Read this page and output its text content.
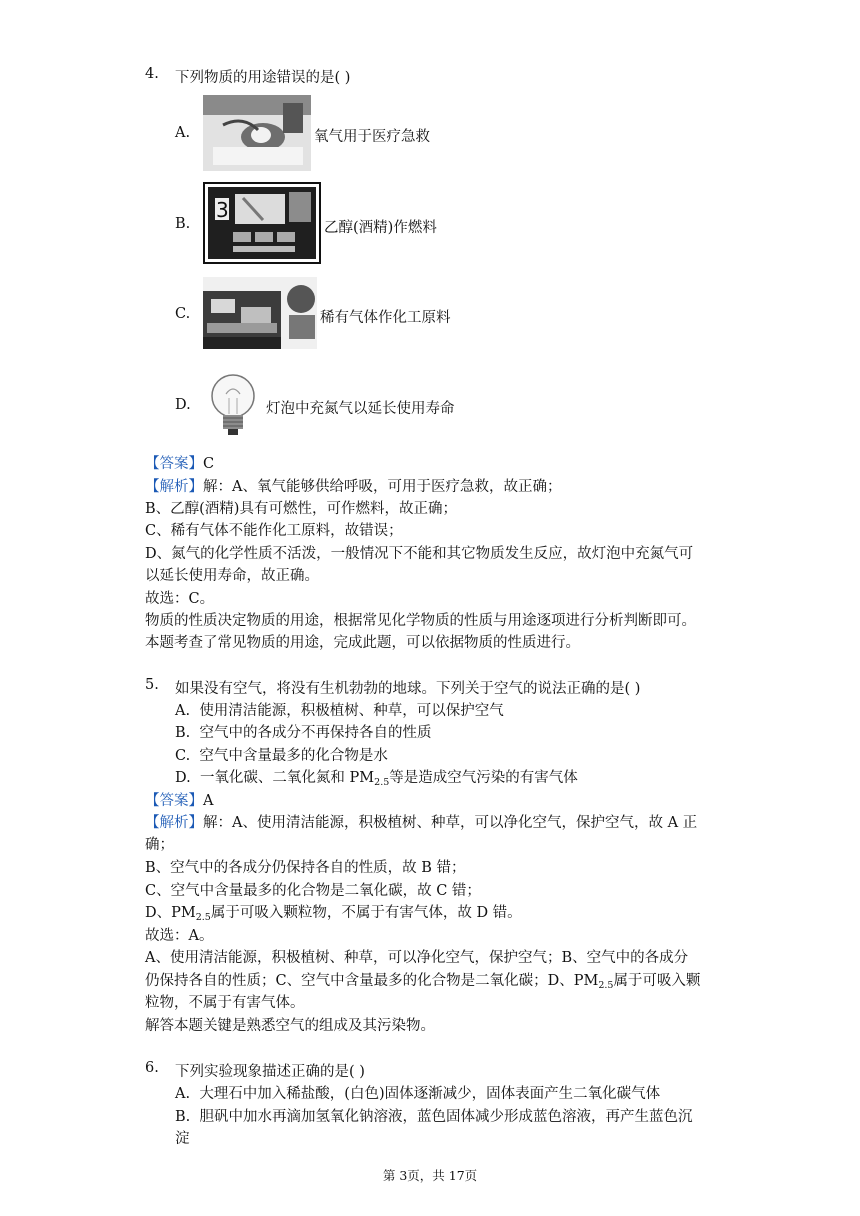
4. 下列物质的用途错误的是( )
A.	氧气用于医疗急救
B.
3
乙醇(酒精)作燃料
C.	稀有气体作化工原料
D.	灯泡中充氮气以延长使用寿命
【答案】C
【解析】解：A、氧气能够供给呼吸，可用于医疗急救，故正确；
B、乙醇(酒精)具有可燃性，可作燃料，故正确；
C、稀有气体不能作化工原料，故错误；
D、氮气的化学性质不活泼，一般情况下不能和其它物质发生反应，故灯泡中充氮气可
以延长使用寿命，故正确。
故选：C。
物质的性质决定物质的用途，根据常见化学物质的性质与用途逐项进行分析判断即可。
本题考查了常见物质的用途，完成此题，可以依据物质的性质进行。
5. 如果没有空气，将没有生机勃勃的地球。下列关于空气的说法正确的是( )
A. 使用清洁能源，积极植树、种草，可以保护空气
B. 空气中的各成分不再保持各自的性质
C. 空气中含量最多的化合物是水
D. 一氧化碳、二氧化氮和 $PM_{2.5}$等是造成空气污染的有害气体
【答案】A
【解析】解：A、使用清洁能源，积极植树、种草，可以净化空气，保护空气，故 A 正
确；
B、空气中的各成分仍保持各自的性质，故 B 错；
C、空气中含量最多的化合物是二氧化碳，故 C 错；
D、$PM_{2.5}$属于可吸入颗粒物，不属于有害气体，故 D 错。
故选：A。
A、使用清洁能源，积极植树、种草，可以净化空气，保护空气；B、空气中的各成分
仍保持各自的性质；C、空气中含量最多的化合物是二氧化碳；D、$PM_{2.5}$属于可吸入颗
粒物，不属于有害气体。
解答本题关键是熟悉空气的组成及其污染物。
6. 下列实验现象描述正确的是( )
A. 大理石中加入稀盐酸，(白色)固体逐渐减少，固体表面产生二氧化碳气体
B. 胆矾中加水再滴加氢氧化钠溶液，蓝色固体减少形成蓝色溶液，再产生蓝色沉
淀
第 3页，共 17页
